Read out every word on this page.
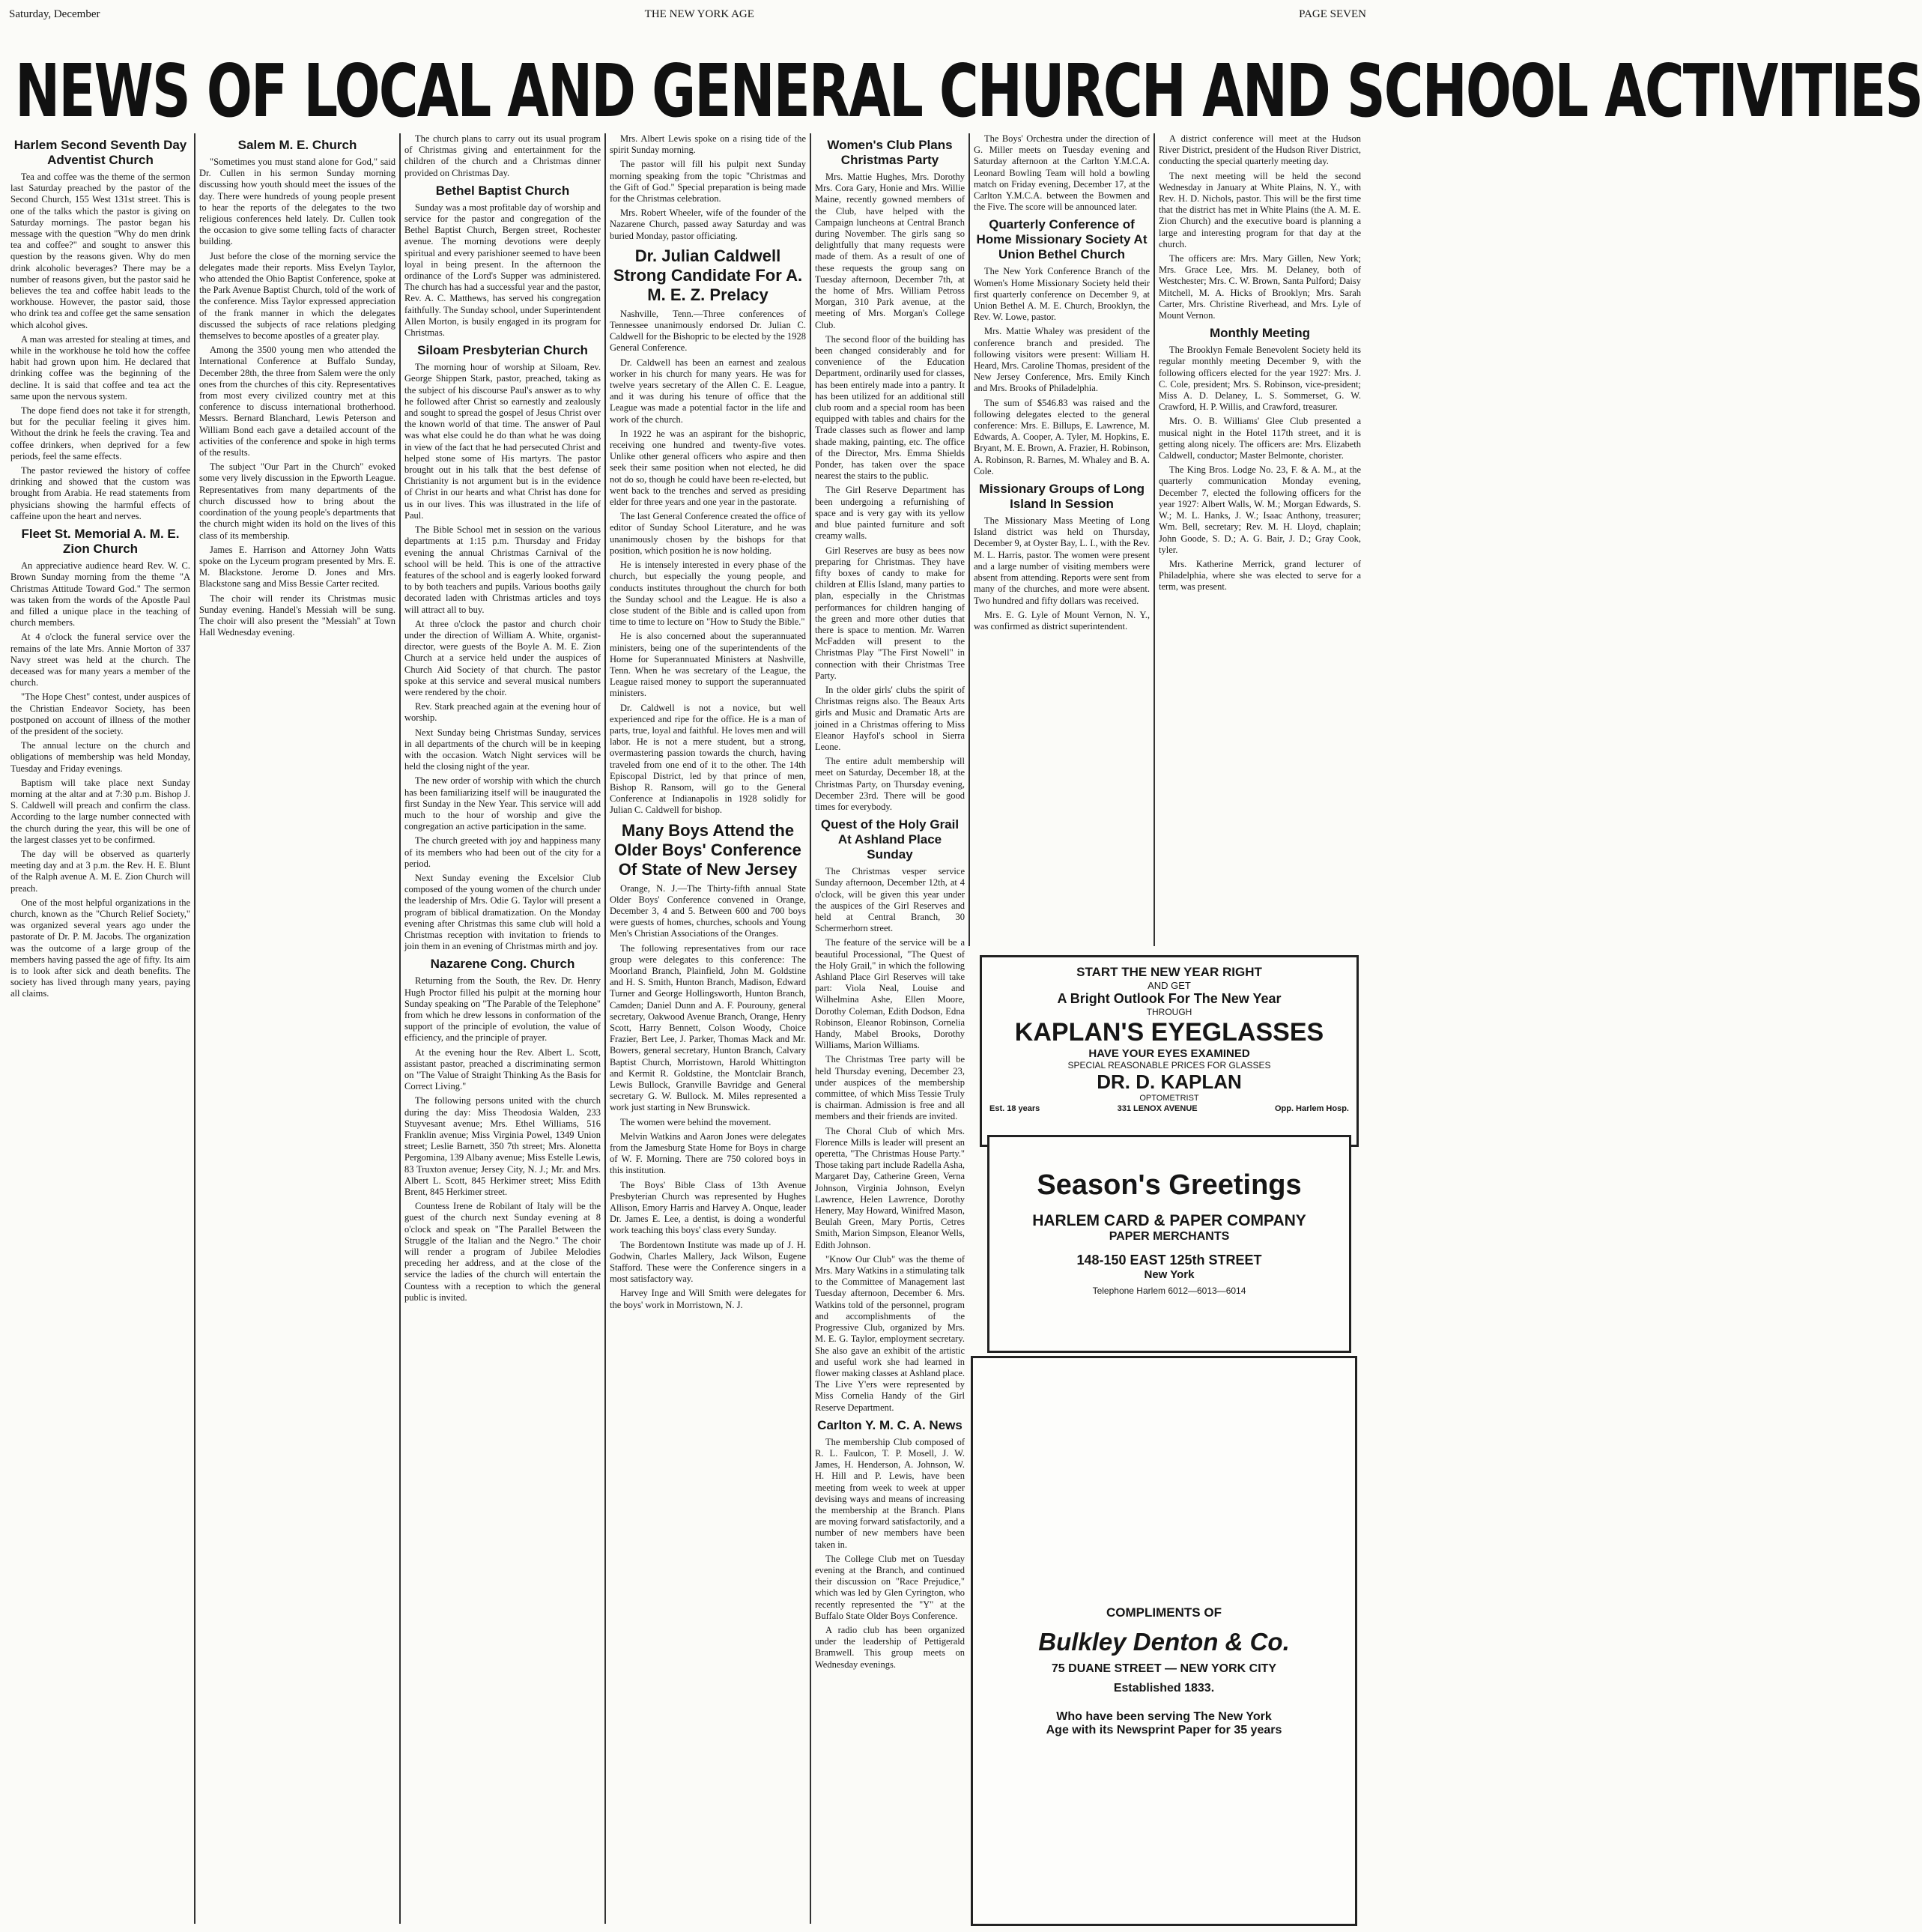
Saturday, December	THE NEW YORK AGE	PAGE SEVEN
NEWS OF LOCAL AND GENERAL CHURCH AND SCHOOL ACTIVITIES
Harlem Second Seventh Day Adventist Church

Tea and coffee was the theme of the sermon last Saturday preached by the pastor of the Second Church, 155 West 131st street. This is one of the talks which the pastor is giving on Saturday mornings. The pastor began his message with the question "Why do men drink tea and coffee?" and sought to answer this question by the reasons given. Why do men drink alcoholic beverages? There may be a number of reasons given, but the pastor said he believes the tea and coffee habit leads to the workhouse. However, the pastor said, those who drink tea and coffee get the same sensation which alcohol gives.

A man was arrested for stealing at times, and while in the workhouse he told how the coffee habit had grown upon him. He declared that drinking coffee was the beginning of the decline. It is said that coffee and tea act the same upon the nervous system.

The dope fiend does not take it for strength, but for the peculiar feeling it gives him. Without the drink he feels the craving. Tea and coffee drinkers, when deprived for a few periods, feel the same effects.

The pastor reviewed the history of coffee drinking and showed that the custom was brought from Arabia. He read statements from physicians showing the harmful effects of caffeine upon the heart and nerves.

Fleet St. Memorial A. M. E. Zion Church

An appreciative audience heard Rev. W. C. Brown Sunday morning from the theme "A Christmas Attitude Toward God." The sermon was taken from the words of the Apostle Paul and filled a unique place in the teaching of church members.

At 4 o'clock the funeral service over the remains of the late Mrs. Annie Morton of 337 Navy street was held at the church. The deceased was for many years a member of the church.

"The Hope Chest" contest, under auspices of the Christian Endeavor Society, has been postponed on account of illness of the mother of the president of the society.

The annual lecture on the church and obligations of membership was held Monday, Tuesday and Friday evenings.

Baptism will take place next Sunday morning at the altar and at 7:30 p.m. Bishop J. S. Caldwell will preach and confirm the class. According to the large number connected with the church during the year, this will be one of the largest classes yet to be confirmed.

The day will be observed as quarterly meeting day and at 3 p.m. the Rev. H. E. Blunt of the Ralph avenue A. M. E. Zion Church will preach.

One of the most helpful organizations in the church, known as the "Church Relief Society," was organized several years ago under the pastorate of Dr. P. M. Jacobs. The organization was the outcome of a large group of the members having passed the age of fifty. Its aim is to look after sick and death benefits. The society has lived through many years, paying all claims.

Salem M. E. Church

"Sometimes you must stand alone for God," said Dr. Cullen in his sermon Sunday morning discussing how youth should meet the issues of the day. There were hundreds of young people present to hear the reports of the delegates to the two religious conferences held lately. Dr. Cullen took the occasion to give some telling facts of character building.

Just before the close of the morning service the delegates made their reports. Miss Evelyn Taylor, who attended the Ohio Baptist Conference, spoke at the Park Avenue Baptist Church, told of the work of the conference. Miss Taylor expressed appreciation of the frank manner in which the delegates discussed the subjects of race relations pledging themselves to become apostles of a greater play.

Among the 3500 young men who attended the International Conference at Buffalo Sunday, December 28th, the three from Salem were the only ones from the churches of this city. Representatives from most every civilized country met at this conference to discuss international brotherhood. Messrs. Bernard Blanchard, Lewis Peterson and William Bond each gave a detailed account of the activities of the conference and spoke in high terms of the results.

The subject "Our Part in the Church" evoked some very lively discussion in the Epworth League. Representatives from many departments of the church discussed how to bring about the coordination of the young people's departments that the church might widen its hold on the lives of this class of its membership.

James E. Harrison and Attorney John Watts spoke on the Lyceum program presented by Mrs. E. M. Blackstone. Jerome D. Jones and Mrs. Blackstone sang and Miss Bessie Carter recited.

The choir will render its Christmas music Sunday evening. Handel's Messiah will be sung. The choir will also present the "Messiah" at Town Hall Wednesday evening.

The church plans to carry out its usual program of Christmas giving and entertainment for the children of the church and a Christmas dinner provided on Christmas Day.

Bethel Baptist Church

Sunday was a most profitable day of worship and service for the pastor and congregation of the Bethel Baptist Church, Bergen street, Rochester avenue. The morning devotions were deeply spiritual and every parishioner seemed to have been loyal in being present. In the afternoon the ordinance of the Lord's Supper was administered. The church has had a successful year and the pastor, Rev. A. C. Matthews, has served his congregation faithfully. The Sunday school, under Superintendent Allen Morton, is busily engaged in its program for Christmas.

Siloam Presbyterian Church

The morning hour of worship at Siloam, Rev. George Shippen Stark, pastor, preached, taking as the subject of his discourse Paul's answer as to why he followed after Christ so earnestly and zealously and sought to spread the gospel of Jesus Christ over the known world of that time. The answer of Paul was what else could he do than what he was doing in view of the fact that he had persecuted Christ and helped stone some of His martyrs. The pastor brought out in his talk that the best defense of Christianity is not argument but is in the evidence of Christ in our hearts and what Christ has done for us in our lives. This was illustrated in the life of Paul.

The Bible School met in session on the various departments at 1:15 p.m. Thursday and Friday evening the annual Christmas Carnival of the school will be held. This is one of the attractive features of the school and is eagerly looked forward to by both teachers and pupils. Various booths gaily decorated laden with Christmas articles and toys will attract all to buy.

At three o'clock the pastor and church choir under the direction of William A. White, organist-director, were guests of the Boyle A. M. E. Zion Church at a service held under the auspices of Church Aid Society of that church. The pastor spoke at this service and several musical numbers were rendered by the choir.

Rev. Stark preached again at the evening hour of worship.

Next Sunday being Christmas Sunday, services in all departments of the church will be in keeping with the occasion. Watch Night services will be held the closing night of the year.

The new order of worship with which the church has been familiarizing itself will be inaugurated the first Sunday in the New Year. This service will add much to the hour of worship and give the congregation an active participation in the same.

The church greeted with joy and happiness many of its members who had been out of the city for a period.

Next Sunday evening the Excelsior Club composed of the young women of the church under the leadership of Mrs. Odie G. Taylor will present a program of biblical dramatization. On the Monday evening after Christmas this same club will hold a Christmas reception with invitation to friends to join them in an evening of Christmas mirth and joy.

Nazarene Cong. Church

Returning from the South, the Rev. Dr. Henry Hugh Proctor filled his pulpit at the morning hour Sunday speaking on "The Parable of the Telephone" from which he drew lessons in conformation of the support of the principle of evolution, the value of efficiency, and the principle of prayer.

At the evening hour the Rev. Albert L. Scott, assistant pastor, preached a discriminating sermon on "The Value of Straight Thinking As the Basis for Correct Living."

The following persons united with the church during the day: Miss Theodosia Walden, 233 Stuyvesant avenue; Mrs. Ethel Williams, 516 Franklin avenue; Miss Virginia Powel, 1349 Union street; Leslie Barnett, 350 7th street; Mrs. Alonetta Pergomina, 139 Albany avenue; Miss Estelle Lewis, 83 Truxton avenue; Jersey City, N. J.; Mr. and Mrs. Albert L. Scott, 845 Herkimer street; Miss Edith Brent, 845 Herkimer street.

Countess Irene de Robilant of Italy will be the guest of the church next Sunday evening at 8 o'clock and speak on "The Parallel Between the Struggle of the Italian and the Negro." The choir will render a program of Jubilee Melodies preceding her address, and at the close of the service the ladies of the church will entertain the Countess with a reception to which the general public is invited.

Mrs. Albert Lewis spoke on a rising tide of the spirit Sunday morning.

The pastor will fill his pulpit next Sunday morning speaking from the topic "Christmas and the Gift of God." Special preparation is being made for the Christmas celebration.

Mrs. Robert Wheeler, wife of the founder of the Nazarene Church, passed away Saturday and was buried Monday, pastor officiating.

Dr. Julian Caldwell Strong Candidate For A. M. E. Z. Prelacy

Nashville, Tenn.—Three conferences of Tennessee unanimously endorsed Dr. Julian C. Caldwell for the Bishopric to be elected by the 1928 General Conference.

Dr. Caldwell has been an earnest and zealous worker in his church for many years. He was for twelve years secretary of the Allen C. E. League, and it was during his tenure of office that the League was made a potential factor in the life and work of the church.

In 1922 he was an aspirant for the bishopric, receiving one hundred and twenty-five votes. Unlike other general officers who aspire and then seek their same position when not elected, he did not do so, though he could have been re-elected, but went back to the trenches and served as presiding elder for three years and one year in the pastorate.

The last General Conference created the office of editor of Sunday School Literature, and he was unanimously chosen by the bishops for that position, which position he is now holding.

He is intensely interested in every phase of the church, but especially the young people, and conducts institutes throughout the church for both the Sunday school and the League. He is also a close student of the Bible and is called upon from time to time to lecture on "How to Study the Bible."

He is also concerned about the superannuated ministers, being one of the superintendents of the Home for Superannuated Ministers at Nashville, Tenn. When he was secretary of the League, the League raised money to support the superannuated ministers.

Dr. Caldwell is not a novice, but well experienced and ripe for the office. He is a man of parts, true, loyal and faithful. He loves men and will labor. He is not a mere student, but a strong, overmastering passion towards the church, having traveled from one end of it to the other. The 14th Episcopal District, led by that prince of men, Bishop R. Ransom, will go to the General Conference at Indianapolis in 1928 solidly for Julian C. Caldwell for bishop.

Many Boys Attend the Older Boys' Conference Of State of New Jersey

Orange, N. J.—The Thirty-fifth annual State Older Boys' Conference convened in Orange, December 3, 4 and 5. Between 600 and 700 boys were guests of homes, churches, schools and Young Men's Christian Associations of the Oranges.

The following representatives from our race group were delegates to this conference: The Moorland Branch, Plainfield, John M. Goldstine and H. S. Smith, Hunton Branch, Madison, Edward Turner and George Hollingsworth, Hunton Branch, Camden; Daniel Dunn and A. F. Pourouny, general secretary, Oakwood Avenue Branch, Orange, Henry Scott, Harry Bennett, Colson Woody, Choice Frazier, Bert Lee, J. Parker, Thomas Mack and Mr. Bowers, general secretary, Hunton Branch, Calvary Baptist Church, Morristown, Harold Whittington and Kermit R. Goldstine, the Montclair Branch, Lewis Bullock, Granville Bavridge and General secretary G. W. Bullock. M. Miles represented a work just starting in New Brunswick.

The women were behind the movement.

Melvin Watkins and Aaron Jones were delegates from the Jamesburg State Home for Boys in charge of W. F. Morning. There are 750 colored boys in this institution.

The Boys' Bible Class of 13th Avenue Presbyterian Church was represented by Hughes Allison, Emory Harris and Harvey A. Onque, leader Dr. James E. Lee, a dentist, is doing a wonderful work teaching this boys' class every Sunday.

The Bordentown Institute was made up of J. H. Godwin, Charles Mallery, Jack Wilson, Eugene Stafford. These were the Conference singers in a most satisfactory way.

Harvey Inge and Will Smith were delegates for the boys' work in Morristown, N. J.

Women's Club Plans Christmas Party

Mrs. Mattie Hughes, Mrs. Dorothy Mrs. Cora Gary, Honie and Mrs. Willie Maine, recently gowned members of the Club, have helped with the Campaign luncheons at Central Branch during November. The girls sang so delightfully that many requests were made of them. As a result of one of these requests the group sang on Tuesday afternoon, December 7th, at the home of Mrs. William Petross Morgan, 310 Park avenue, at the meeting of Mrs. Morgan's College Club.

The second floor of the building has been changed considerably and for convenience of the Education Department, ordinarily used for classes, has been entirely made into a pantry. It has been utilized for an additional still club room and a special room has been equipped with tables and chairs for the Trade classes such as flower and lamp shade making, painting, etc. The office of the Director, Mrs. Emma Shields Ponder, has taken over the space nearest the stairs to the public.

The Girl Reserve Department has been undergoing a refurnishing of space and is very gay with its yellow and blue painted furniture and soft creamy walls.

Girl Reserves are busy as bees now preparing for Christmas. They have fifty boxes of candy to make for children at Ellis Island, many parties to plan, especially in the Christmas performances for children hanging of the green and more other duties that there is space to mention. Mr. Warren McFadden will present to the Christmas Play "The First Nowell" in connection with their Christmas Tree Party.

In the older girls' clubs the spirit of Christmas reigns also. The Beaux Arts girls and Music and Dramatic Arts are joined in a Christmas offering to Miss Eleanor Hayfol's school in Sierra Leone.

The entire adult membership will meet on Saturday, December 18, at the Christmas Party, on Thursday evening, December 23rd. There will be good times for everybody.

Quest of the Holy Grail At Ashland Place Sunday

The Christmas vesper service Sunday afternoon, December 12th, at 4 o'clock, will be given this year under the auspices of the Girl Reserves and held at Central Branch, 30 Schermerhorn street.

The feature of the service will be a beautiful Processional, "The Quest of the Holy Grail," in which the following Ashland Place Girl Reserves will take part: Viola Neal, Louise and Wilhelmina Ashe, Ellen Moore, Dorothy Coleman, Edith Dodson, Edna Robinson, Eleanor Robinson, Cornelia Handy, Mabel Brooks, Dorothy Williams, Marion Williams.

The Christmas Tree party will be held Thursday evening, December 23, under auspices of the membership committee, of which Miss Tessie Truly is chairman. Admission is free and all members and their friends are invited.

The Choral Club of which Mrs. Florence Mills is leader will present an operetta, "The Christmas House Party." Those taking part include Radella Asha, Margaret Day, Catherine Green, Verna Johnson, Virginia Johnson, Evelyn Lawrence, Helen Lawrence, Dorothy Henery, May Howard, Winifred Mason, Beulah Green, Mary Portis, Cetres Smith, Marion Simpson, Eleanor Wells, Edith Johnson.

"Know Our Club" was the theme of Mrs. Mary Watkins in a stimulating talk to the Committee of Management last Tuesday afternoon, December 6. Mrs. Watkins told of the personnel, program and accomplishments of the Progressive Club, organized by Mrs. M. E. G. Taylor, employment secretary. She also gave an exhibit of the artistic and useful work she had learned in flower making classes at Ashland place. The Live Y'ers were represented by Miss Cornelia Handy of the Girl Reserve Department.

Carlton Y. M. C. A. News

The membership Club composed of R. L. Faulcon, T. P. Mosell, J. W. James, H. Henderson, A. Johnson, W. H. Hill and P. Lewis, have been meeting from week to week at upper devising ways and means of increasing the membership at the Branch. Plans are moving forward satisfactorily, and a number of new members have been taken in.

The College Club met on Tuesday evening at the Branch, and continued their discussion on "Race Prejudice," which was led by Glen Cyrington, who recently represented the "Y" at the Buffalo State Older Boys Conference.

A radio club has been organized under the leadership of Pettigerald Bramwell. This group meets on Wednesday evenings.

The Boys' Orchestra under the direction of G. Miller meets on Tuesday evening and Saturday afternoon at the Carlton Y.M.C.A. Leonard Bowling Team will hold a bowling match on Friday evening, December 17, at the Carlton Y.M.C.A. between the Bowmen and the Five. The score will be announced later.

Quarterly Conference of Home Missionary Society At Union Bethel Church

The New York Conference Branch of the Women's Home Missionary Society held their first quarterly conference on December 9, at Union Bethel A. M. E. Church, Brooklyn, the Rev. W. Lowe, pastor.

Mrs. Mattie Whaley was president of the conference branch and presided. The following visitors were present: William H. Heard, Mrs. Caroline Thomas, president of the New Jersey Conference, Mrs. Emily Kinch and Mrs. Brooks of Philadelphia.

The sum of $546.83 was raised and the following delegates elected to the general conference: Mrs. E. Billups, E. Lawrence, M. Edwards, A. Cooper, A. Tyler, M. Hopkins, E. Bryant, M. E. Brown, A. Frazier, H. Robinson, A. Robinson, R. Barnes, M. Whaley and B. A. Cole.

Missionary Groups of Long Island In Session

The Missionary Mass Meeting of Long Island district was held on Thursday, December 9, at Oyster Bay, L. I., with the Rev. M. L. Harris, pastor. The women were present and a large number of visiting members were absent from attending. Reports were sent from many of the churches, and more were absent. Two hundred and fifty dollars was received.

Mrs. E. G. Lyle of Mount Vernon, N. Y., was confirmed as district superintendent.

A district conference will meet at the Hudson River District, president of the Hudson River District, conducting the special quarterly meeting day.

The next meeting will be held the second Wednesday in January at White Plains, N. Y., with Rev. H. D. Nichols, pastor. This will be the first time that the district has met in White Plains (the A. M. E. Zion Church) and the executive board is planning a large and interesting program for that day at the church.

The officers are: Mrs. Mary Gillen, New York; Mrs. Grace Lee, Mrs. M. Delaney, both of Westchester; Mrs. C. W. Brown, Santa Pulford; Daisy Mitchell, M. A. Hicks of Brooklyn; Mrs. Sarah Carter, Mrs. Christine Riverhead, and Mrs. Lyle of Mount Vernon.

Monthly Meeting

The Brooklyn Female Benevolent Society held its regular monthly meeting December 9, with the following officers elected for the year 1927: Mrs. J. C. Cole, president; Mrs. S. Robinson, vice-president; Miss A. D. Delaney, L. S. Sommerset, G. W. Crawford, H. P. Willis, and Crawford, treasurer.

Mrs. O. B. Williams' Glee Club presented a musical night in the Hotel 117th street, and it is getting along nicely. The officers are: Mrs. Elizabeth Caldwell, conductor; Master Belmonte, chorister.

The King Bros. Lodge No. 23, F. & A. M., at the quarterly communication Monday evening, December 7, elected the following officers for the year 1927: Albert Walls, W. M.; Morgan Edwards, S. W.; M. L. Hanks, J. W.; Isaac Anthony, treasurer; Wm. Bell, secretary; Rev. M. H. Lloyd, chaplain; John Goode, S. D.; A. G. Bair, J. D.; Gray Cook, tyler.

Mrs. Katherine Merrick, grand lecturer of Philadelphia, where she was elected to serve for a term, was present.

START THE NEW YEAR RIGHT
AND GET
A Bright Outlook For The New Year
THROUGH
KAPLAN'S EYEGLASSES
HAVE YOUR EYES EXAMINED
SPECIAL REASONABLE PRICES FOR GLASSES
DR. D. KAPLAN
OPTOMETRIST
Est. 18 years	331 LENOX AVENUE	Opp. Harlem Hosp.
Season's Greetings
HARLEM CARD & PAPER COMPANY
PAPER MERCHANTS
148-150 EAST 125th STREET
New York
Telephone Harlem 6012—6013—6014
COMPLIMENTS OF
Bulkley Denton & Co.
75 DUANE STREET — NEW YORK CITY
Established 1833.
Who have been serving The New York
Age with its Newsprint Paper for 35 years
